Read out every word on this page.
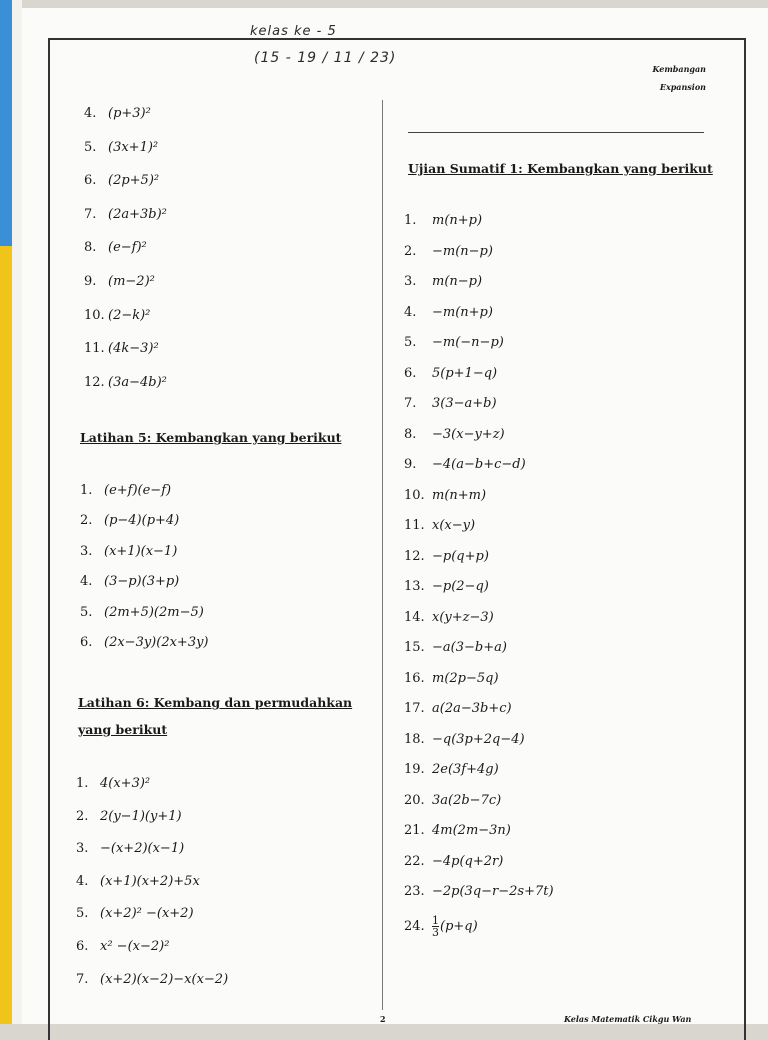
kelas ke - 5
(15 - 19 / 11 / 23)
Kembangan
Expansion
4. (p+3)²
5. (3x+1)²
6. (2p+5)²
7. (2a+3b)²
8. (e−f)²
9. (m−2)²
10. (2−k)²
11. (4k−3)²
12. (3a−4b)²
Latihan 5: Kembangkan yang berikut
1. (e+f)(e−f)
2. (p−4)(p+4)
3. (x+1)(x−1)
4. (3−p)(3+p)
5. (2m+5)(2m−5)
6. (2x−3y)(2x+3y)
Latihan 6: Kembang dan permudahkan yang berikut
1. 4(x+3)²
2. 2(y−1)(y+1)
3. −(x+2)(x−1)
4. (x+1)(x+2)+5x
5. (x+2)² −(x+2)
6. x² −(x−2)²
7. (x+2)(x−2)−x(x−2)
Ujian Sumatif 1: Kembangkan yang berikut
1. m(n+p)
2. −m(n−p)
3. m(n−p)
4. −m(n+p)
5. −m(−n−p)
6. 5(p+1−q)
7. 3(3−a+b)
8. −3(x−y+z)
9. −4(a−b+c−d)
10. m(n+m)
11. x(x−y)
12. −p(q+p)
13. −p(2−q)
14. x(y+z−3)
15. −a(3−b+a)
16. m(2p−5q)
17. a(2a−3b+c)
18. −q(3p+2q−4)
19. 2e(3f+4g)
20. 3a(2b−7c)
21. 4m(2m−3n)
22. −4p(q+2r)
23. −2p(3q−r−2s+7t)
24. $\frac{1}{3} (p+q)$
2	Kelas Matematik Cikgu Wan
